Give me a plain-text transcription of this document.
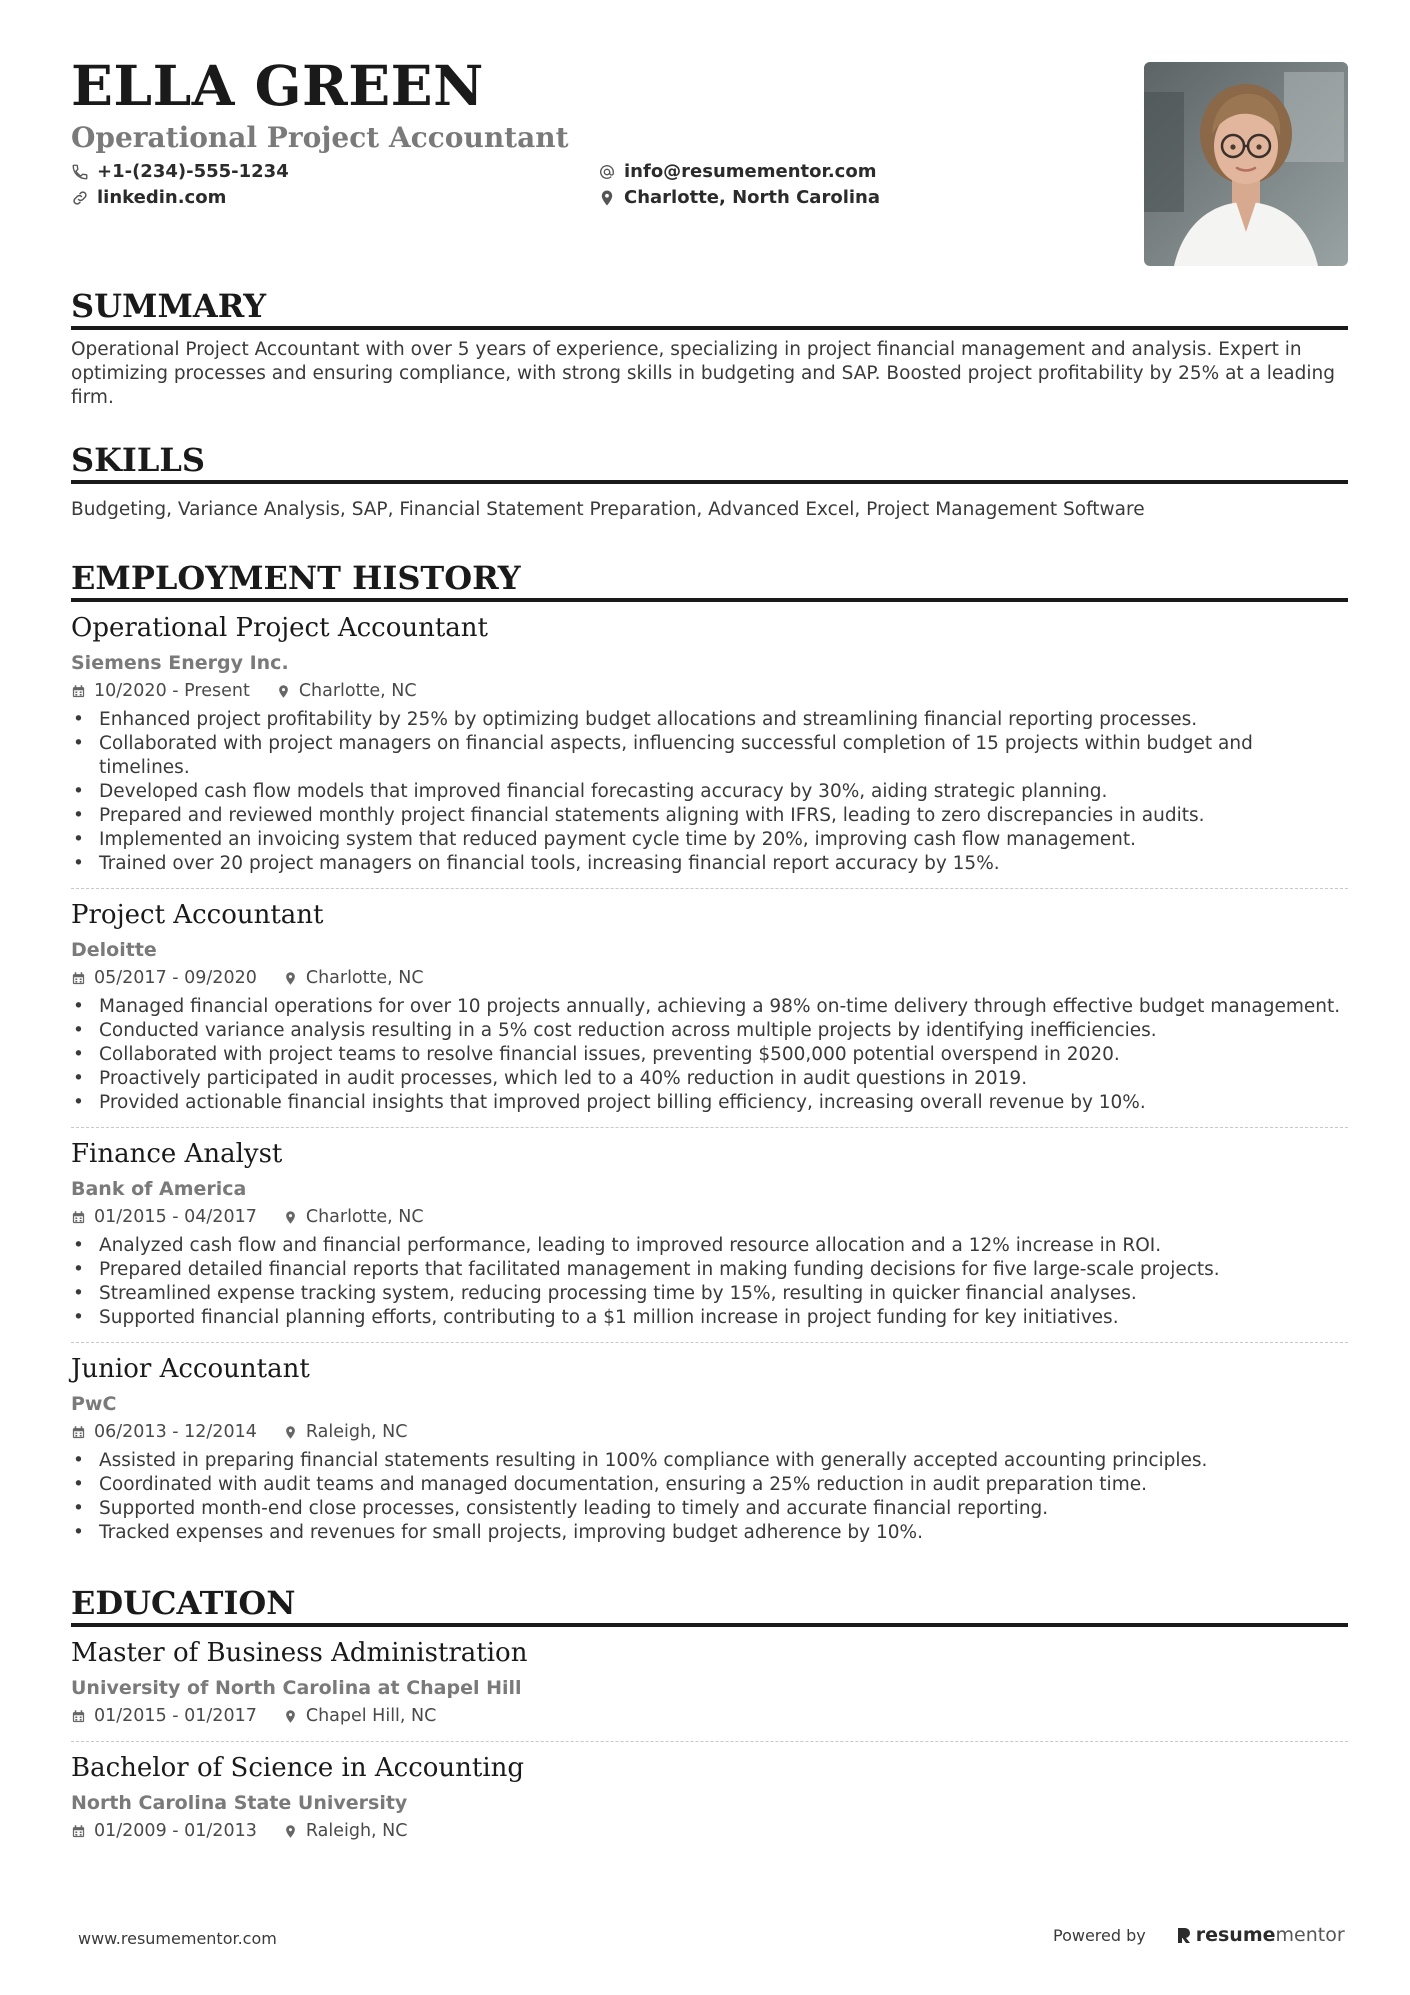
ELLA GREEN
Operational Project Accountant
+1-(234)-555-1234
linkedin.com
info@resumementor.com
Charlotte, North Carolina
SUMMARY

Operational Project Accountant with over 5 years of experience, specializing in project financial management and analysis. Expert in optimizing processes and ensuring compliance, with strong skills in budgeting and SAP. Boosted project profitability by 25% at a leading firm.

SKILLS

Budgeting, Variance Analysis, SAP, Financial Statement Preparation, Advanced Excel, Project Management Software

EMPLOYMENT HISTORY
Operational Project Accountant
Siemens Energy Inc.
10/2020 - Present	Charlotte, NC
• Enhanced project profitability by 25% by optimizing budget allocations and streamlining financial reporting processes.
• Collaborated with project managers on financial aspects, influencing successful completion of 15 projects within budget and timelines.
• Developed cash flow models that improved financial forecasting accuracy by 30%, aiding strategic planning.
• Prepared and reviewed monthly project financial statements aligning with IFRS, leading to zero discrepancies in audits.
• Implemented an invoicing system that reduced payment cycle time by 20%, improving cash flow management.
• Trained over 20 project managers on financial tools, increasing financial report accuracy by 15%.
Project Accountant
Deloitte
05/2017 - 09/2020	Charlotte, NC
• Managed financial operations for over 10 projects annually, achieving a 98% on-time delivery through effective budget management.
• Conducted variance analysis resulting in a 5% cost reduction across multiple projects by identifying inefficiencies.
• Collaborated with project teams to resolve financial issues, preventing $500,000 potential overspend in 2020.
• Proactively participated in audit processes, which led to a 40% reduction in audit questions in 2019.
• Provided actionable financial insights that improved project billing efficiency, increasing overall revenue by 10%.
Finance Analyst
Bank of America
01/2015 - 04/2017	Charlotte, NC
• Analyzed cash flow and financial performance, leading to improved resource allocation and a 12% increase in ROI.
• Prepared detailed financial reports that facilitated management in making funding decisions for five large-scale projects.
• Streamlined expense tracking system, reducing processing time by 15%, resulting in quicker financial analyses.
• Supported financial planning efforts, contributing to a $1 million increase in project funding for key initiatives.
Junior Accountant
PwC
06/2013 - 12/2014	Raleigh, NC
• Assisted in preparing financial statements resulting in 100% compliance with generally accepted accounting principles.
• Coordinated with audit teams and managed documentation, ensuring a 25% reduction in audit preparation time.
• Supported month-end close processes, consistently leading to timely and accurate financial reporting.
• Tracked expenses and revenues for small projects, improving budget adherence by 10%.
EDUCATION
Master of Business Administration
University of North Carolina at Chapel Hill
01/2015 - 01/2017	Chapel Hill, NC
Bachelor of Science in Accounting
North Carolina State University
01/2009 - 01/2013	Raleigh, NC
www.resumementor.com	Powered by	resume mentor
